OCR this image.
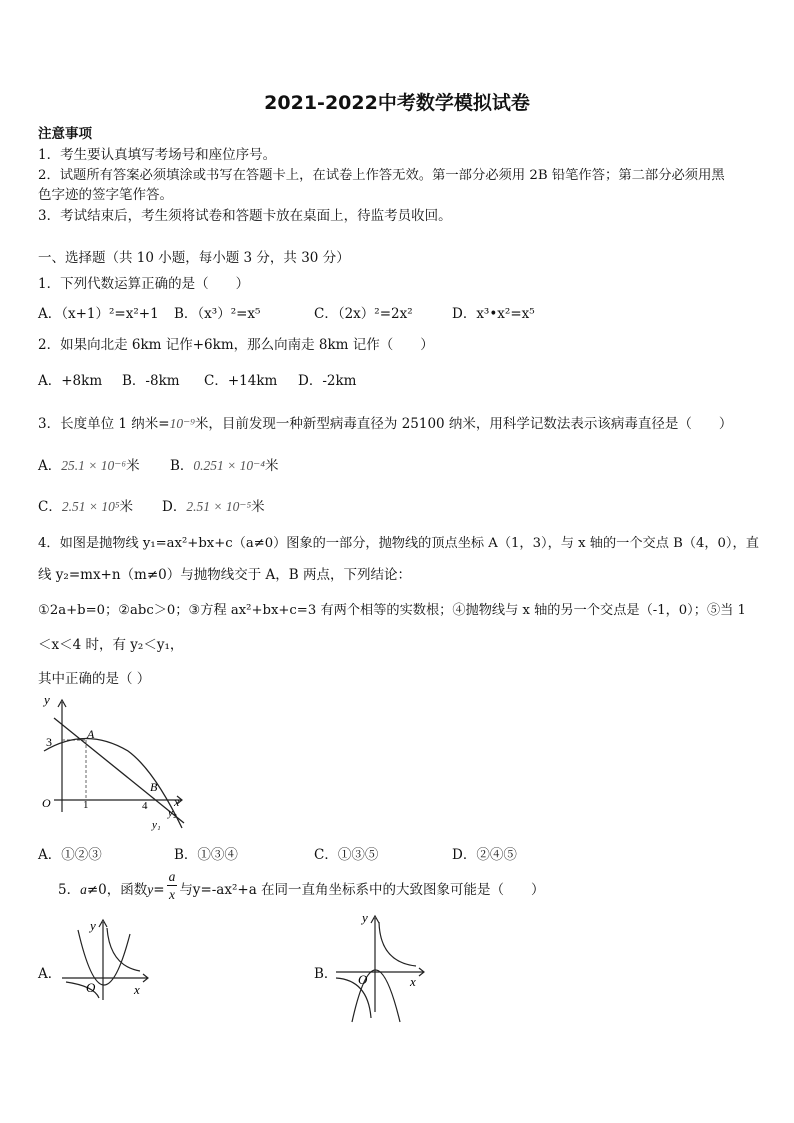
2021-2022中考数学模拟试卷
注意事项
1．考生要认真填写考场号和座位序号。
2．试题所有答案必须填涂或书写在答题卡上，在试卷上作答无效。第一部分必须用 2B 铅笔作答；第二部分必须用黑
色字迹的签字笔作答。
3．考试结束后，考生须将试卷和答题卡放在桌面上，待监考员收回。
一、选择题（共 10 小题，每小题 3 分，共 30 分）
1．下列代数运算正确的是（　　）
A．（x+1）²=x²+1 B．（x³）²=x⁵	C．（2x）²=2x²	D．x³•x²=x⁵
2．如果向北走 6km 记作+6km，那么向南走 8km 记作（　　）
A．+8km B．-8km C．+14km D．-2km
3．长度单位 1 纳米=10⁻⁹米，目前发现一种新型病毒直径为 25100 纳米，用科学记数法表示该病毒直径是（　　）
A．25.1 × 10⁻⁶米 B．0.251 × 10⁻⁴米
C．2.51 × 10⁵米 D．2.51 × 10⁻⁵米
4．如图是抛物线 y₁=ax²+bx+c（a≠0）图象的一部分，抛物线的顶点坐标 A（1，3），与 x 轴的一个交点 B（4，0），直
线 y₂=mx+n（m≠0）与抛物线交于 A，B 两点，下列结论：
①2a+b=0；②abc＞0；③方程 ax²+bx+c=3 有两个相等的实数根；④抛物线与 x 轴的另一个交点是（-1，0）；⑤当 1
＜x＜4 时，有 y₂＜y₁，
其中正确的是（ ）
y
x
3
A
B
O	1	4
y₁
y₂
A．①②③	B．①③④	C．①③⑤	D．②④⑤
5．a≠0，函数$y= \frac{a}{x}$ 与y=-ax²+a 在同一直角坐标系中的大致图象可能是（　　）
A．	B．
y
x
O
y
x
O
